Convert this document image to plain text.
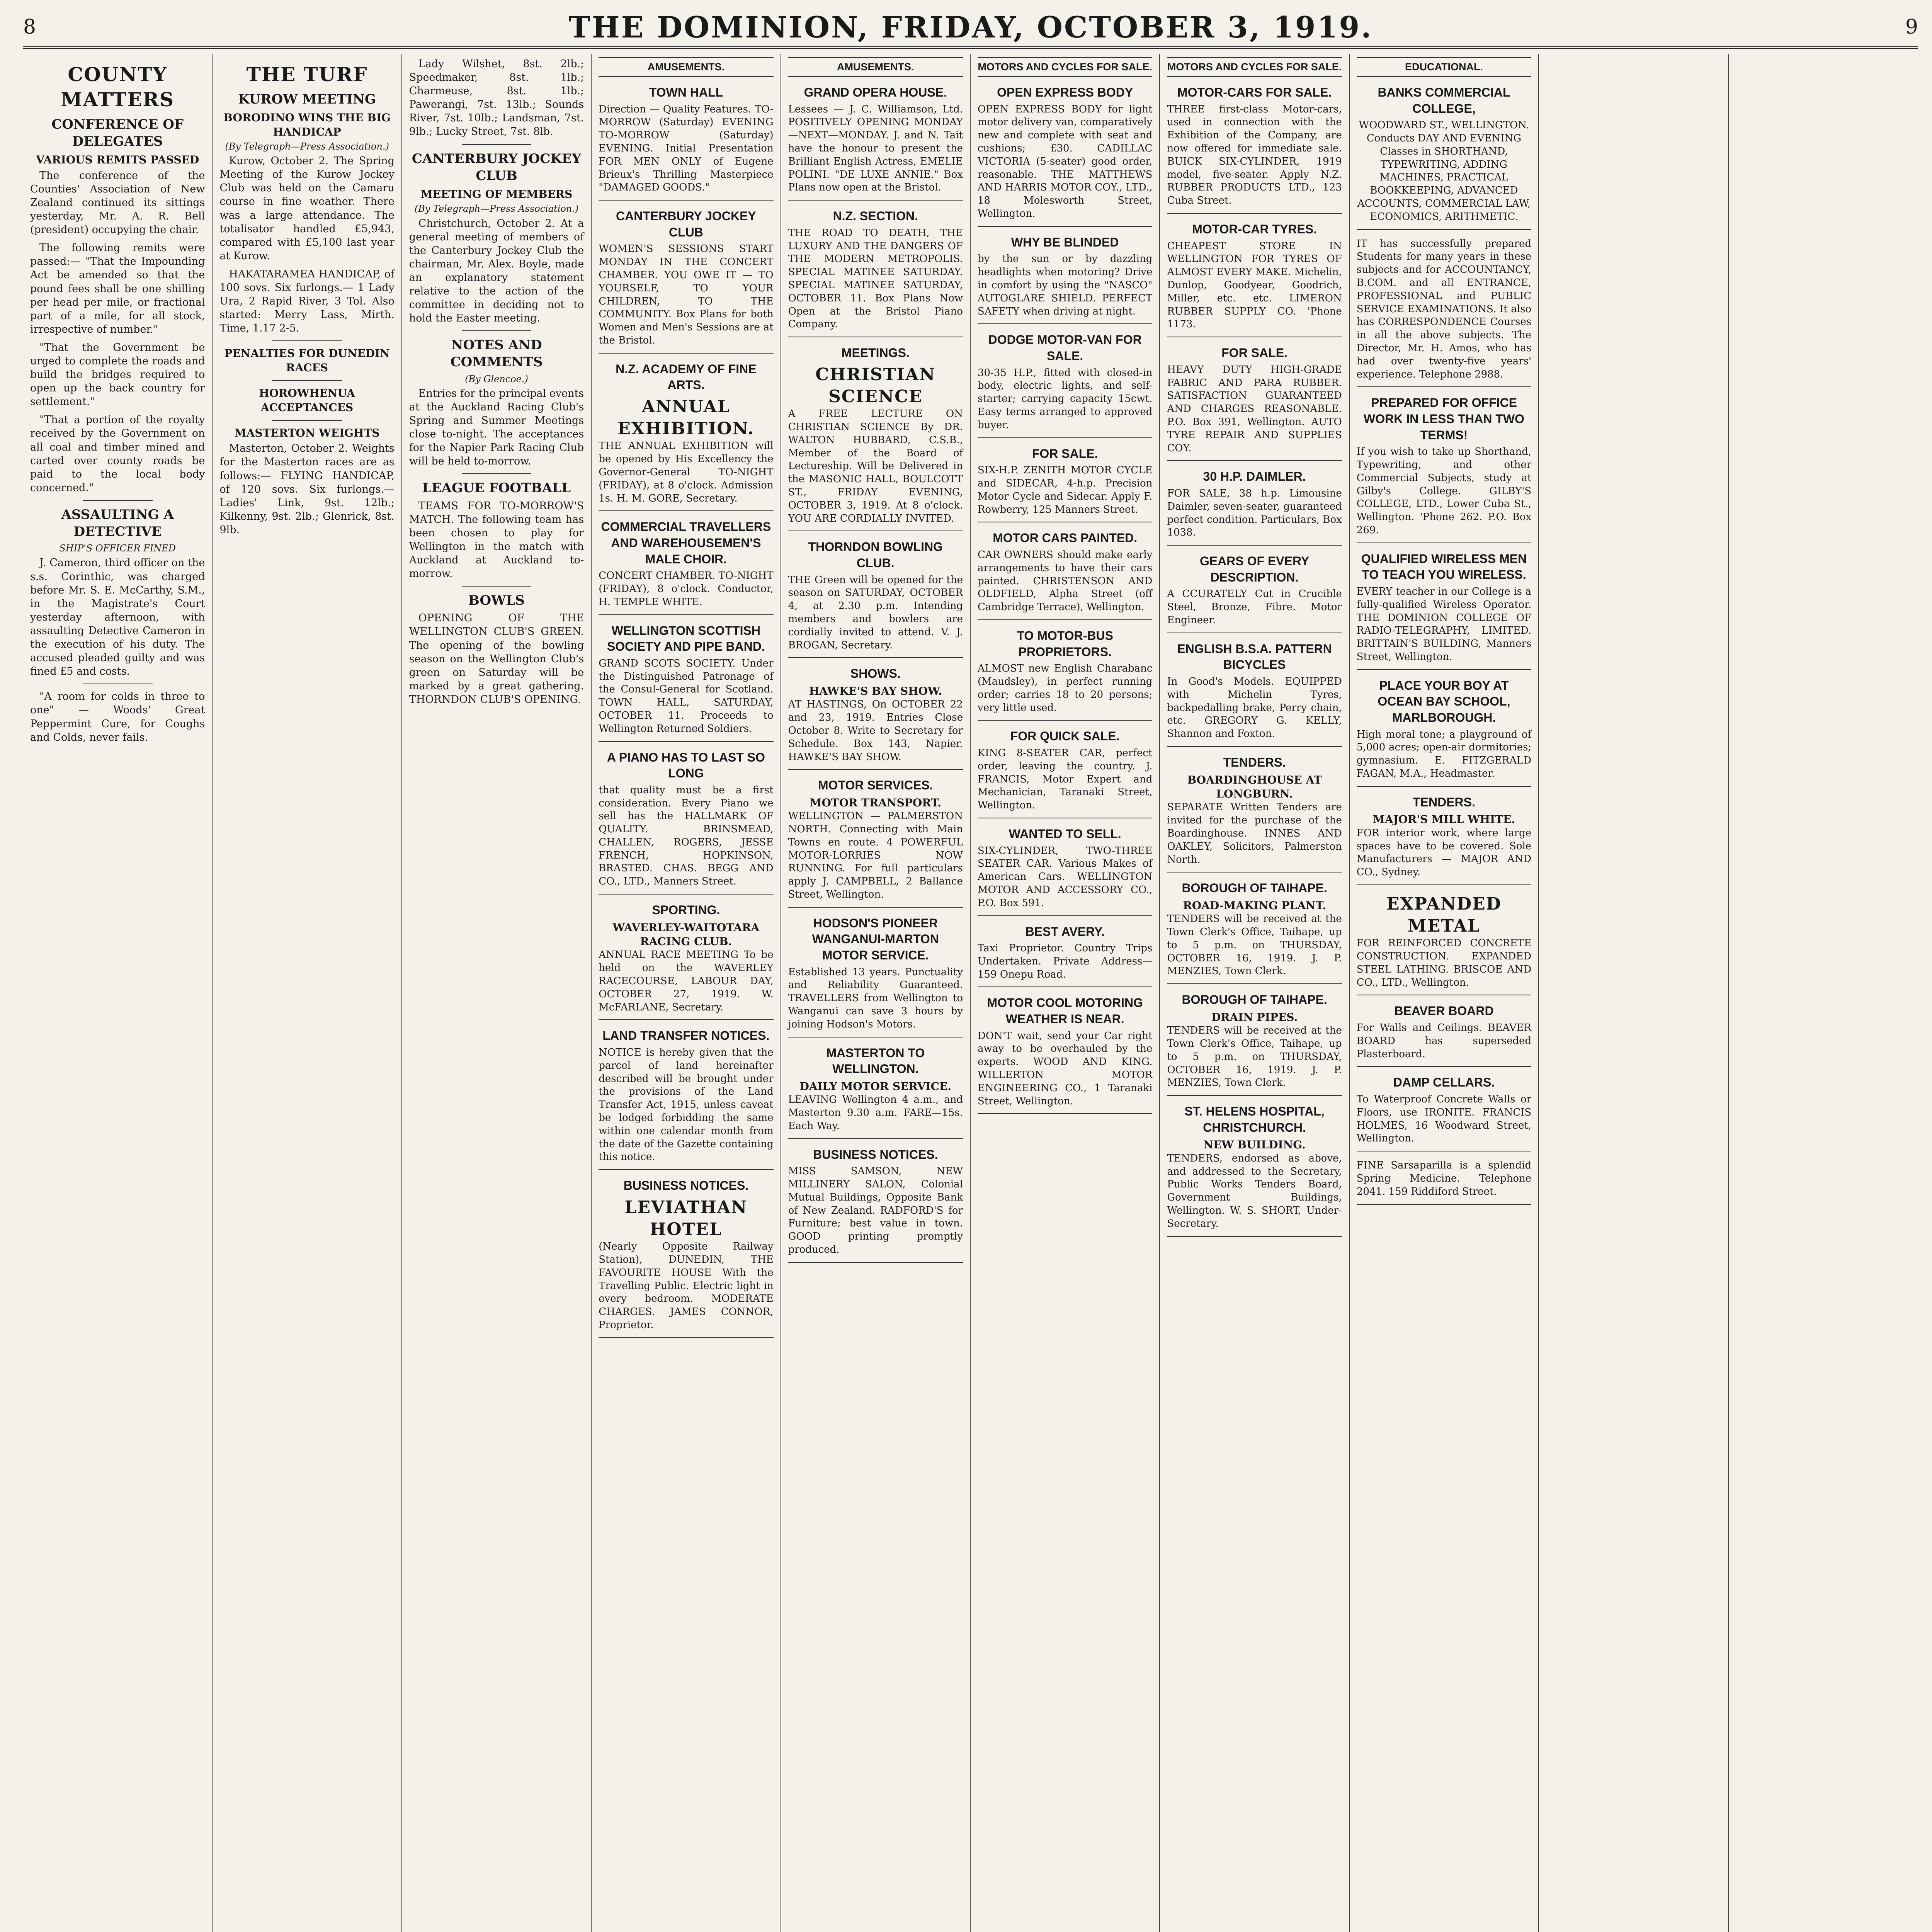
8	THE DOMINION, FRIDAY, OCTOBER 3, 1919.	9
COUNTY MATTERS
CONFERENCE OF DELEGATES
VARIOUS REMITS PASSED

The conference of the Counties' Association of New Zealand continued its sittings yesterday, Mr. A. R. Bell (president) occupying the chair.

The following remits were passed:— "That the Impounding Act be amended so that the pound fees shall be one shilling per head per mile, or fractional part of a mile, for all stock, irrespective of number."

"That the Government be urged to complete the roads and build the bridges required to open up the back country for settlement."

"That a portion of the royalty received by the Government on all coal and timber mined and carted over county roads be paid to the local body concerned."

ASSAULTING A DETECTIVE
SHIP'S OFFICER FINED

J. Cameron, third officer on the s.s. Corinthic, was charged before Mr. S. E. McCarthy, S.M., in the Magistrate's Court yesterday afternoon, with assaulting Detective Cameron in the execution of his duty. The accused pleaded guilty and was fined £5 and costs.

"A room for colds in three to one" — Woods' Great Peppermint Cure, for Coughs and Colds, never fails.

THE TURF
KUROW MEETING
BORODINO WINS THE BIG HANDICAP
(By Telegraph—Press Association.)

Kurow, October 2. The Spring Meeting of the Kurow Jockey Club was held on the Camaru course in fine weather. There was a large attendance. The totalisator handled £5,943, compared with £5,100 last year at Kurow.

HAKATARAMEA HANDICAP, of 100 sovs. Six furlongs.— 1 Lady Ura, 2 Rapid River, 3 Tol. Also started: Merry Lass, Mirth. Time, 1.17 2-5.

PENALTIES FOR DUNEDIN RACES
HOROWHENUA ACCEPTANCES
MASTERTON WEIGHTS

Masterton, October 2. Weights for the Masterton races are as follows:— FLYING HANDICAP, of 120 sovs. Six furlongs.— Ladies' Link, 9st. 12lb.; Kilkenny, 9st. 2lb.; Glenrick, 8st. 9lb.

Lady Wilshet, 8st. 2lb.; Speedmaker, 8st. 1lb.; Charmeuse, 8st. 1lb.; Pawerangi, 7st. 13lb.; Sounds River, 7st. 10lb.; Landsman, 7st. 9lb.; Lucky Street, 7st. 8lb.

CANTERBURY JOCKEY CLUB
MEETING OF MEMBERS
(By Telegraph—Press Association.)

Christchurch, October 2. At a general meeting of members of the Canterbury Jockey Club the chairman, Mr. Alex. Boyle, made an explanatory statement relative to the action of the committee in deciding not to hold the Easter meeting.

NOTES AND COMMENTS
(By Glencoe.)

Entries for the principal events at the Auckland Racing Club's Spring and Summer Meetings close to-night. The acceptances for the Napier Park Racing Club will be held to-morrow.

LEAGUE FOOTBALL

TEAMS FOR TO-MORROW'S MATCH. The following team has been chosen to play for Wellington in the match with Auckland at Auckland to-morrow.

BOWLS

OPENING OF THE WELLINGTON CLUB'S GREEN. The opening of the bowling season on the Wellington Club's green on Saturday will be marked by a great gathering. THORNDON CLUB'S OPENING.

AMUSEMENTS.
TOWN HALL
Direction — Quality Features. TO-MORROW (Saturday) EVENING TO-MORROW (Saturday) EVENING. Initial Presentation FOR MEN ONLY of Eugene Brieux's Thrilling Masterpiece "DAMAGED GOODS."
CANTERBURY JOCKEY CLUB
WOMEN'S SESSIONS START MONDAY IN THE CONCERT CHAMBER. YOU OWE IT — TO YOURSELF, TO YOUR CHILDREN, TO THE COMMUNITY. Box Plans for both Women and Men's Sessions are at the Bristol.
N.Z. ACADEMY OF FINE ARTS.
ANNUAL EXHIBITION.
THE ANNUAL EXHIBITION will be opened by His Excellency the Governor-General TO-NIGHT (FRIDAY), at 8 o'clock. Admission 1s. H. M. GORE, Secretary.
COMMERCIAL TRAVELLERS AND WAREHOUSEMEN'S MALE CHOIR.
CONCERT CHAMBER. TO-NIGHT (FRIDAY), 8 o'clock. Conductor, H. TEMPLE WHITE.
WELLINGTON SCOTTISH SOCIETY AND PIPE BAND.
GRAND SCOTS SOCIETY. Under the Distinguished Patronage of the Consul-General for Scotland. TOWN HALL, SATURDAY, OCTOBER 11. Proceeds to Wellington Returned Soldiers.
A PIANO HAS TO LAST SO LONG
that quality must be a first consideration. Every Piano we sell has the HALLMARK OF QUALITY. BRINSMEAD, CHALLEN, ROGERS, JESSE FRENCH, HOPKINSON, BRASTED. CHAS. BEGG AND CO., LTD., Manners Street.
SPORTING.
WAVERLEY-WAITOTARA RACING CLUB.
ANNUAL RACE MEETING To be held on the WAVERLEY RACECOURSE, LABOUR DAY, OCTOBER 27, 1919. W. McFARLANE, Secretary.
LAND TRANSFER NOTICES.
NOTICE is hereby given that the parcel of land hereinafter described will be brought under the provisions of the Land Transfer Act, 1915, unless caveat be lodged forbidding the same within one calendar month from the date of the Gazette containing this notice.
BUSINESS NOTICES.
LEVIATHAN HOTEL
(Nearly Opposite Railway Station), DUNEDIN, THE FAVOURITE HOUSE With the Travelling Public. Electric light in every bedroom. MODERATE CHARGES. JAMES CONNOR, Proprietor.
AMUSEMENTS.
GRAND OPERA HOUSE.
Lessees — J. C. Williamson, Ltd. POSITIVELY OPENING MONDAY—NEXT—MONDAY. J. and N. Tait have the honour to present the Brilliant English Actress, EMELIE POLINI. "DE LUXE ANNIE." Box Plans now open at the Bristol.
N.Z. SECTION.
THE ROAD TO DEATH, THE LUXURY AND THE DANGERS OF THE MODERN METROPOLIS. SPECIAL MATINEE SATURDAY. SPECIAL MATINEE SATURDAY, OCTOBER 11. Box Plans Now Open at the Bristol Piano Company.
MEETINGS.
CHRISTIAN SCIENCE
A FREE LECTURE ON CHRISTIAN SCIENCE By DR. WALTON HUBBARD, C.S.B., Member of the Board of Lectureship. Will be Delivered in the MASONIC HALL, BOULCOTT ST., FRIDAY EVENING, OCTOBER 3, 1919. At 8 o'clock. YOU ARE CORDIALLY INVITED.
THORNDON BOWLING CLUB.
THE Green will be opened for the season on SATURDAY, OCTOBER 4, at 2.30 p.m. Intending members and bowlers are cordially invited to attend. V. J. BROGAN, Secretary.
SHOWS.
HAWKE'S BAY SHOW.
AT HASTINGS, On OCTOBER 22 and 23, 1919. Entries Close October 8. Write to Secretary for Schedule. Box 143, Napier. HAWKE'S BAY SHOW.
MOTOR SERVICES.
MOTOR TRANSPORT.
WELLINGTON — PALMERSTON NORTH. Connecting with Main Towns en route. 4 POWERFUL MOTOR-LORRIES NOW RUNNING. For full particulars apply J. CAMPBELL, 2 Ballance Street, Wellington.
HODSON'S PIONEER WANGANUI-MARTON MOTOR SERVICE.
Established 13 years. Punctuality and Reliability Guaranteed. TRAVELLERS from Wellington to Wanganui can save 3 hours by joining Hodson's Motors.
MASTERTON TO WELLINGTON.
DAILY MOTOR SERVICE.
LEAVING Wellington 4 a.m., and Masterton 9.30 a.m. FARE—15s. Each Way.
BUSINESS NOTICES.
MISS SAMSON, NEW MILLINERY SALON, Colonial Mutual Buildings, Opposite Bank of New Zealand. RADFORD'S for Furniture; best value in town. GOOD printing promptly produced.
MOTORS AND CYCLES FOR SALE.
OPEN EXPRESS BODY
OPEN EXPRESS BODY for light motor delivery van, comparatively new and complete with seat and cushions; £30. CADILLAC VICTORIA (5-seater) good order, reasonable. THE MATTHEWS AND HARRIS MOTOR COY., LTD., 18 Molesworth Street, Wellington.
WHY BE BLINDED
by the sun or by dazzling headlights when motoring? Drive in comfort by using the "NASCO" AUTOGLARE SHIELD. PERFECT SAFETY when driving at night.
DODGE MOTOR-VAN FOR SALE.
30-35 H.P., fitted with closed-in body, electric lights, and self-starter; carrying capacity 15cwt. Easy terms arranged to approved buyer.
FOR SALE.
SIX-H.P. ZENITH MOTOR CYCLE and SIDECAR, 4-h.p. Precision Motor Cycle and Sidecar. Apply F. Rowberry, 125 Manners Street.
MOTOR CARS PAINTED.
CAR OWNERS should make early arrangements to have their cars painted. CHRISTENSON AND OLDFIELD, Alpha Street (off Cambridge Terrace), Wellington.
TO MOTOR-BUS PROPRIETORS.
ALMOST new English Charabanc (Maudsley), in perfect running order; carries 18 to 20 persons; very little used.
FOR QUICK SALE.
KING 8-SEATER CAR, perfect order, leaving the country. J. FRANCIS, Motor Expert and Mechanician, Taranaki Street, Wellington.
WANTED TO SELL.
SIX-CYLINDER, TWO-THREE SEATER CAR. Various Makes of American Cars. WELLINGTON MOTOR AND ACCESSORY CO., P.O. Box 591.
BEST AVERY.
Taxi Proprietor. Country Trips Undertaken. Private Address—159 Onepu Road.
MOTOR COOL MOTORING WEATHER IS NEAR.
DON'T wait, send your Car right away to be overhauled by the experts. WOOD AND KING. WILLERTON MOTOR ENGINEERING CO., 1 Taranaki Street, Wellington.
MOTORS AND CYCLES FOR SALE.
MOTOR-CARS FOR SALE.
THREE first-class Motor-cars, used in connection with the Exhibition of the Company, are now offered for immediate sale. BUICK SIX-CYLINDER, 1919 model, five-seater. Apply N.Z. RUBBER PRODUCTS LTD., 123 Cuba Street.
MOTOR-CAR TYRES.
CHEAPEST STORE IN WELLINGTON FOR TYRES OF ALMOST EVERY MAKE. Michelin, Dunlop, Goodyear, Goodrich, Miller, etc. etc. LIMERON RUBBER SUPPLY CO. 'Phone 1173.
FOR SALE.
HEAVY DUTY HIGH-GRADE FABRIC AND PARA RUBBER. SATISFACTION GUARANTEED AND CHARGES REASONABLE. P.O. Box 391, Wellington. AUTO TYRE REPAIR AND SUPPLIES COY.
30 H.P. DAIMLER.
FOR SALE, 38 h.p. Limousine Daimler, seven-seater, guaranteed perfect condition. Particulars, Box 1038.
GEARS OF EVERY DESCRIPTION.
A CCURATELY Cut in Crucible Steel, Bronze, Fibre. Motor Engineer.
ENGLISH B.S.A. PATTERN BICYCLES
In Good's Models. EQUIPPED with Michelin Tyres, backpedalling brake, Perry chain, etc. GREGORY G. KELLY, Shannon and Foxton.
TENDERS.
BOARDINGHOUSE AT LONGBURN.
SEPARATE Written Tenders are invited for the purchase of the Boardinghouse. INNES AND OAKLEY, Solicitors, Palmerston North.
BOROUGH OF TAIHAPE.
ROAD-MAKING PLANT.
TENDERS will be received at the Town Clerk's Office, Taihape, up to 5 p.m. on THURSDAY, OCTOBER 16, 1919. J. P. MENZIES, Town Clerk.
BOROUGH OF TAIHAPE.
DRAIN PIPES.
TENDERS will be received at the Town Clerk's Office, Taihape, up to 5 p.m. on THURSDAY, OCTOBER 16, 1919. J. P. MENZIES, Town Clerk.
ST. HELENS HOSPITAL, CHRISTCHURCH.
NEW BUILDING.
TENDERS, endorsed as above, and addressed to the Secretary, Public Works Tenders Board, Government Buildings, Wellington. W. S. SHORT, Under-Secretary.
EDUCATIONAL.
BANKS COMMERCIAL COLLEGE,
WOODWARD ST., WELLINGTON. Conducts DAY AND EVENING Classes in SHORTHAND, TYPEWRITING, ADDING MACHINES, PRACTICAL BOOKKEEPING, ADVANCED ACCOUNTS, COMMERCIAL LAW, ECONOMICS, ARITHMETIC.
IT has successfully prepared Students for many years in these subjects and for ACCOUNTANCY, B.COM. and all ENTRANCE, PROFESSIONAL and PUBLIC SERVICE EXAMINATIONS. It also has CORRESPONDENCE Courses in all the above subjects. The Director, Mr. H. Amos, who has had over twenty-five years' experience. Telephone 2988.
PREPARED FOR OFFICE WORK IN LESS THAN TWO TERMS!
If you wish to take up Shorthand, Typewriting, and other Commercial Subjects, study at Gilby's College. GILBY'S COLLEGE, LTD., Lower Cuba St., Wellington. 'Phone 262. P.O. Box 269.
QUALIFIED WIRELESS MEN TO TEACH YOU WIRELESS.
EVERY teacher in our College is a fully-qualified Wireless Operator. THE DOMINION COLLEGE OF RADIO-TELEGRAPHY, LIMITED. BRITTAIN'S BUILDING, Manners Street, Wellington.
PLACE YOUR BOY AT OCEAN BAY SCHOOL, MARLBOROUGH.
High moral tone; a playground of 5,000 acres; open-air dormitories; gymnasium. E. FITZGERALD FAGAN, M.A., Headmaster.
TENDERS.
MAJOR'S MILL WHITE.
FOR interior work, where large spaces have to be covered. Sole Manufacturers — MAJOR AND CO., Sydney.
EXPANDED METAL
FOR REINFORCED CONCRETE CONSTRUCTION. EXPANDED STEEL LATHING. BRISCOE AND CO., LTD., Wellington.
BEAVER BOARD
For Walls and Ceilings. BEAVER BOARD has superseded Plasterboard.
DAMP CELLARS.
To Waterproof Concrete Walls or Floors, use IRONITE. FRANCIS HOLMES, 16 Woodward Street, Wellington.
FINE Sarsaparilla is a splendid Spring Medicine. Telephone 2041. 159 Riddiford Street.
